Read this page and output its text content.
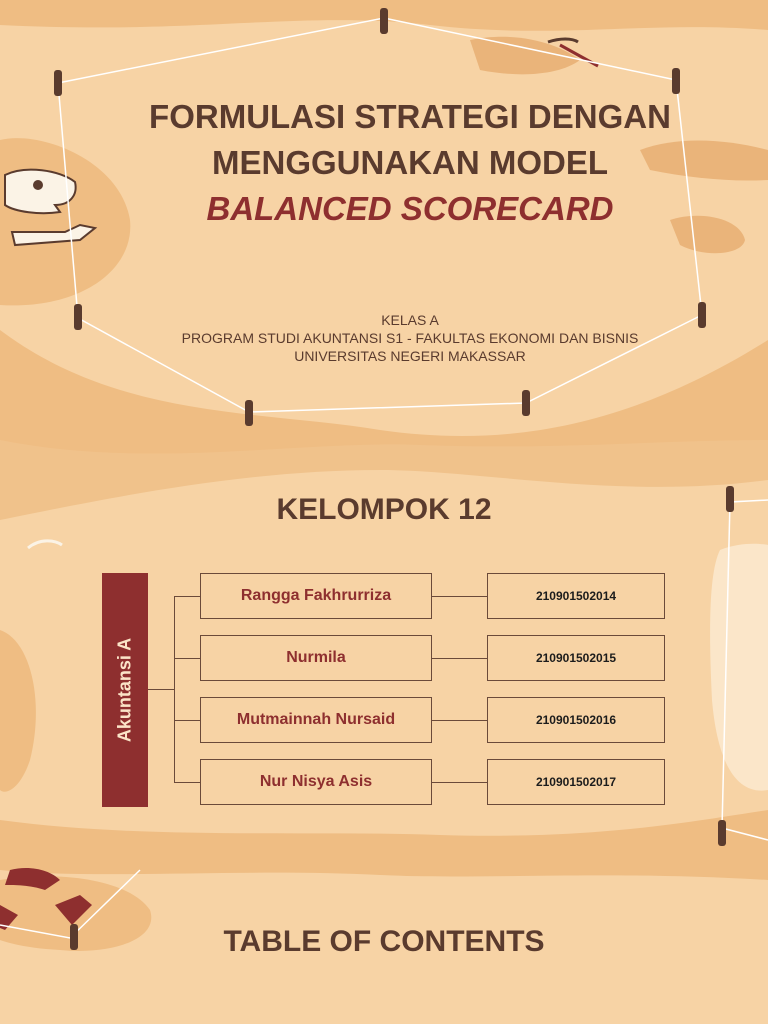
FORMULASI STRATEGI DENGAN
MENGGUNAKAN MODEL
BALANCED SCORECARD
KELAS A
PROGRAM STUDI AKUNTANSI S1 - FAKULTAS EKONOMI DAN BISNIS
UNIVERSITAS NEGERI MAKASSAR
KELOMPOK 12
Akuntansi A
Rangga Fakhrurriza	210901502014
Nurmila	210901502015
Mutmainnah Nursaid	210901502016
Nur Nisya Asis	210901502017
TABLE OF CONTENTS
